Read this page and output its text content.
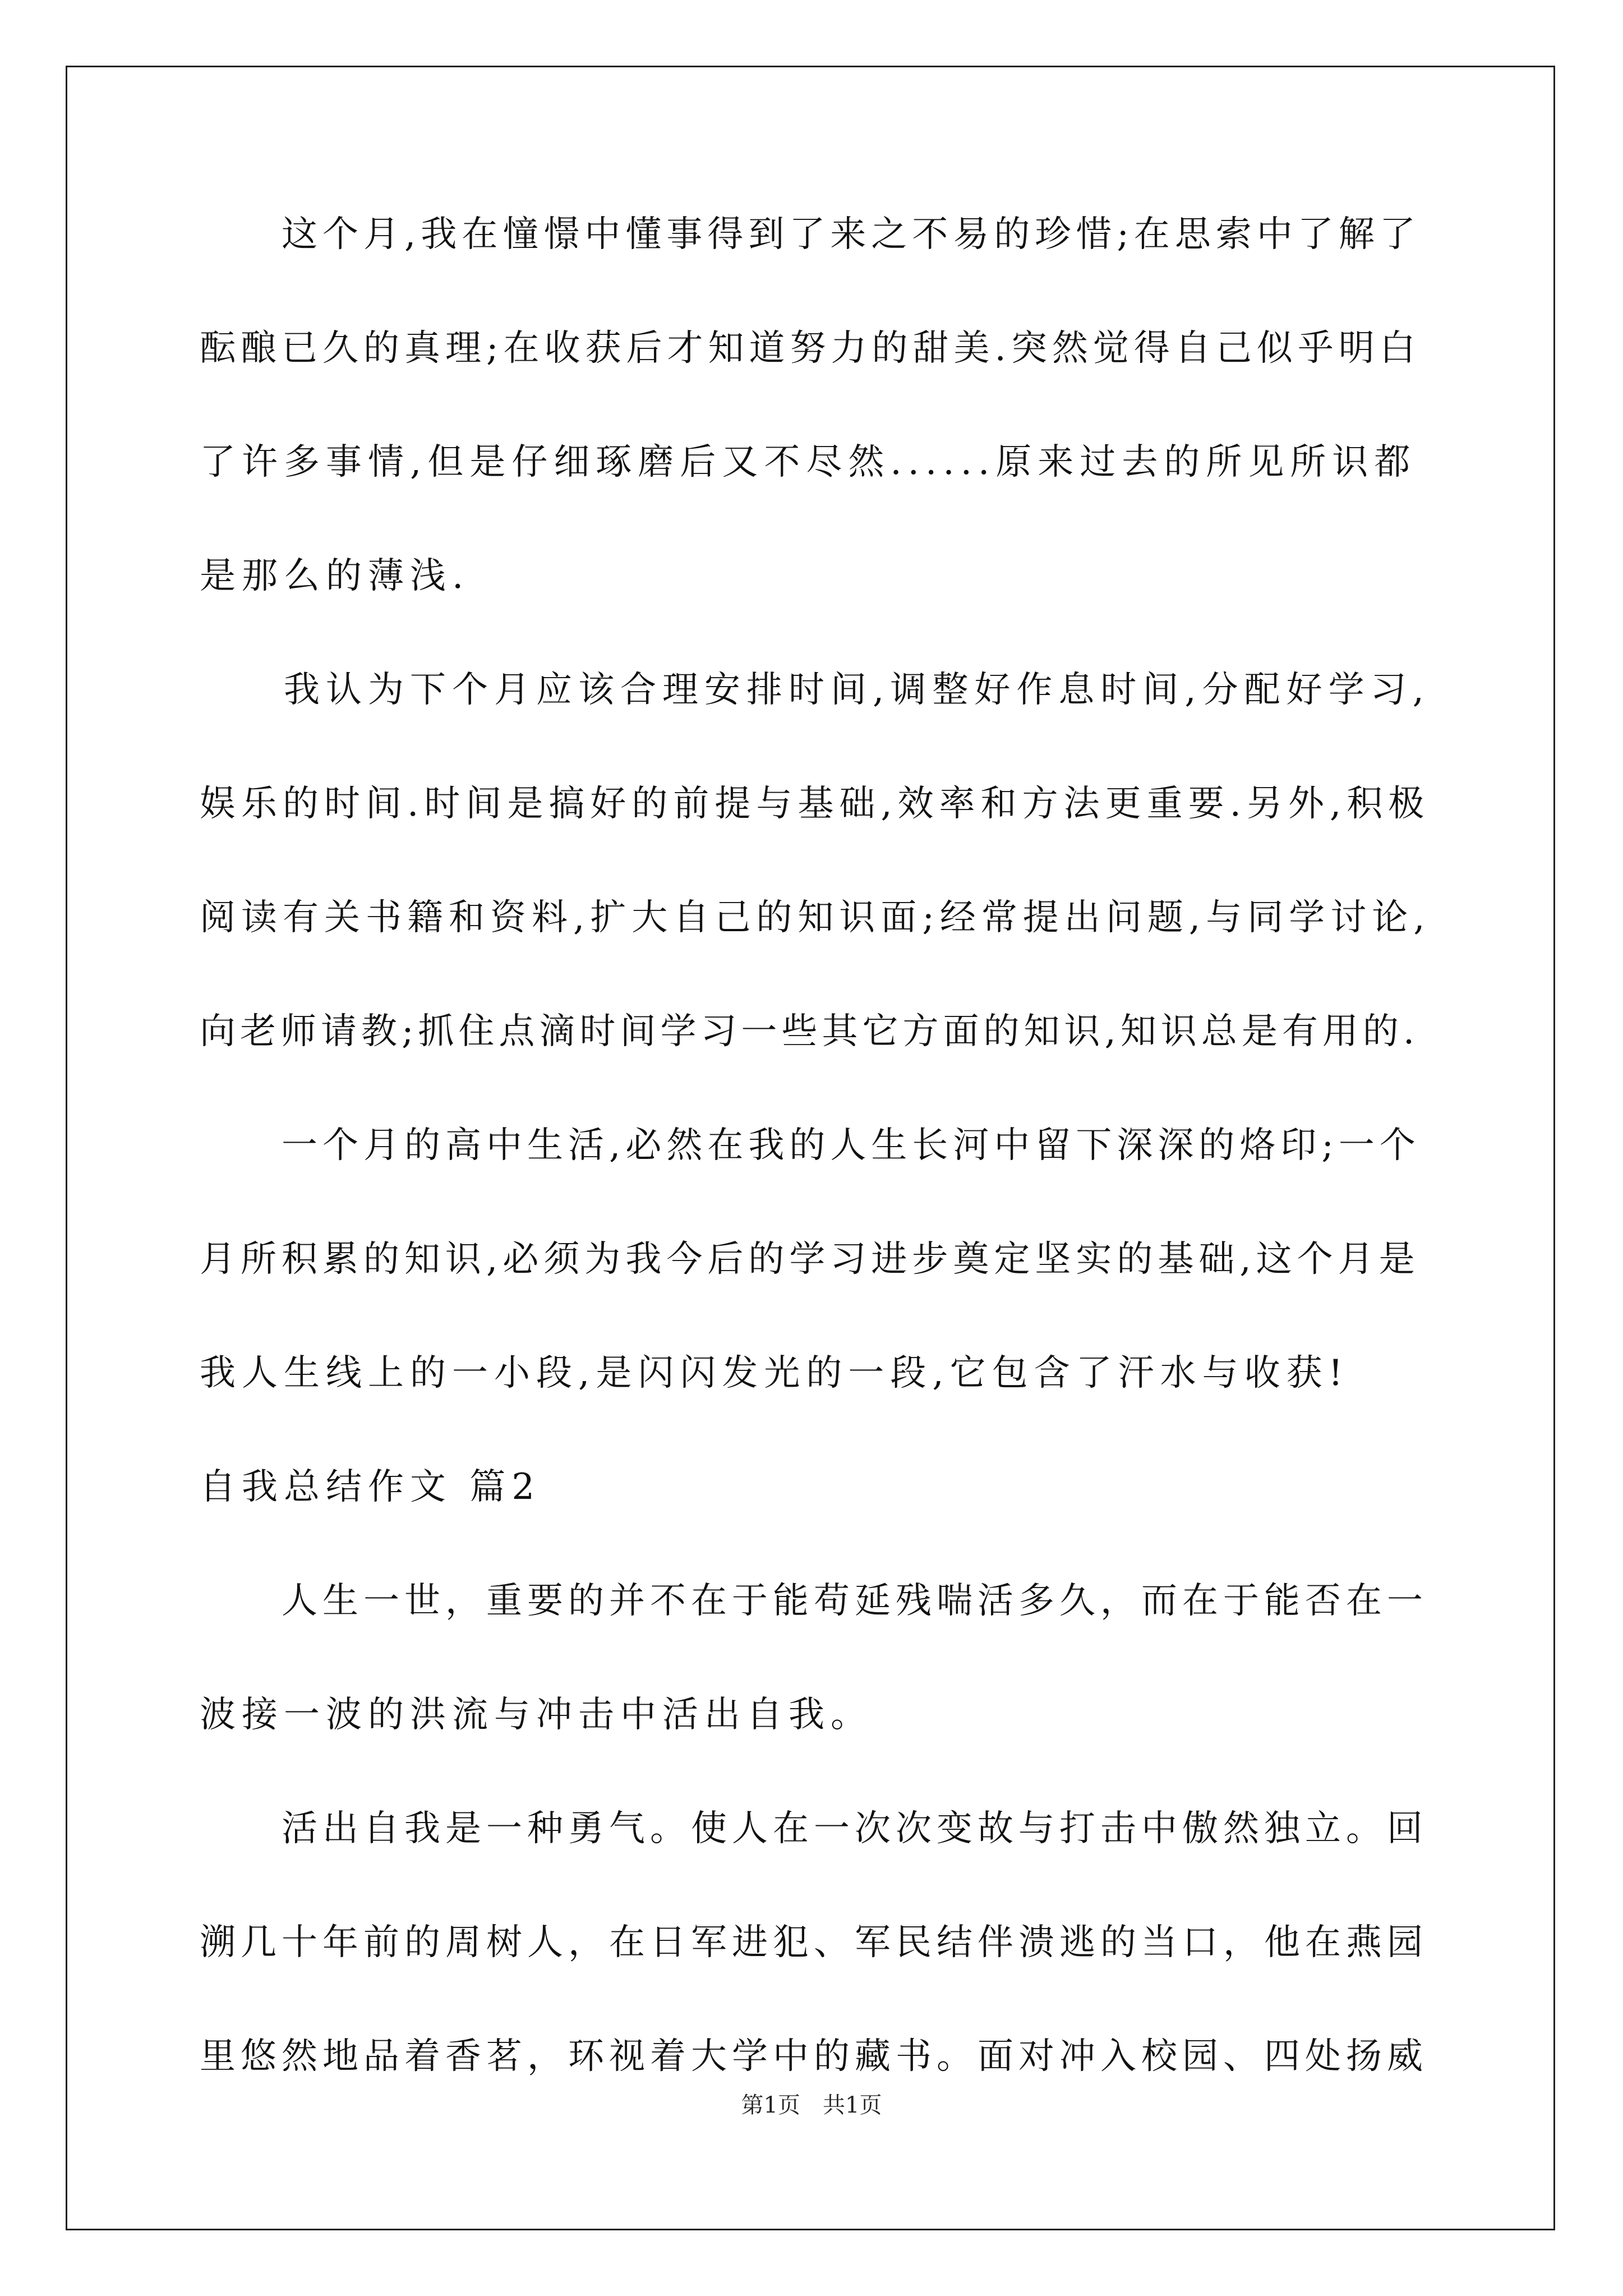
　　这个月,我在憧憬中懂事得到了来之不易的珍惜;在思索中了解了
酝酿已久的真理;在收获后才知道努力的甜美.突然觉得自己似乎明白
了许多事情,但是仔细琢磨后又不尽然......原来过去的所见所识都
是那么的薄浅.
　　我认为下个月应该合理安排时间,调整好作息时间,分配好学习,
娱乐的时间.时间是搞好的前提与基础,效率和方法更重要.另外,积极
阅读有关书籍和资料,扩大自己的知识面;经常提出问题,与同学讨论,
向老师请教;抓住点滴时间学习一些其它方面的知识,知识总是有用的.
　　一个月的高中生活,必然在我的人生长河中留下深深的烙印;一个
月所积累的知识,必须为我今后的学习进步奠定坚实的基础,这个月是
我人生线上的一小段,是闪闪发光的一段,它包含了汗水与收获!
自我总结作文 篇2
　　人生一世，重要的并不在于能苟延残喘活多久，而在于能否在一
波接一波的洪流与冲击中活出自我。
　　活出自我是一种勇气。使人在一次次变故与打击中傲然独立。回
溯几十年前的周树人，在日军进犯、军民结伴溃逃的当口，他在燕园
里悠然地品着香茗，环视着大学中的藏书。面对冲入校园、四处扬威
第1页　共1页
